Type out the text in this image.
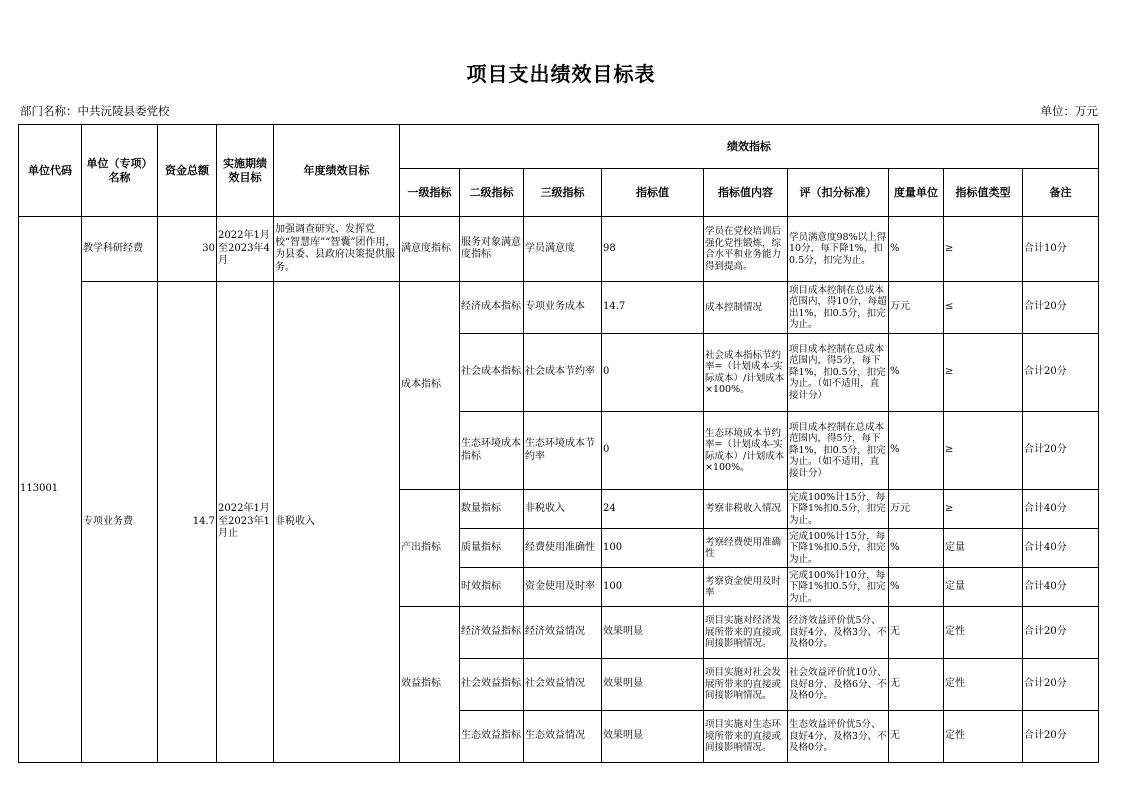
项目支出绩效目标表
部门名称：中共沅陵县委党校	单位：万元
单位代码	单位（专项）名称	资金总额	实施期绩效目标	年度绩效目标	绩效指标								
					一级指标	二级指标	三级指标	指标值	指标值内容	评（扣分标准）	度量单位	指标值类型	备注
113001	教学科研经费	30	2022年1月至2023年4月	加强调查研究、发挥党校“智慧库”“智囊”团作用，为县委、县政府决策提供服务。	满意度指标	服务对象满意度指标	学员满意度	98	学员在党校培训后强化党性锻炼，综合水平和业务能力得到提高。	学员满意度98%以上得10分，每下降1%，扣0.5分，扣完为止。	%	≥	合计10分
	专项业务费	14.7	2022年1月至2023年1月止	非税收入	成本指标	经济成本指标	专项业务成本	14.7	成本控制情况	项目成本控制在总成本范围内，得10分，每超出1%，扣0.5分，扣完为止。	万元	≤	合计20分
						社会成本指标	社会成本节约率	0	社会成本指标节约率=（计划成本-实际成本）/计划成本×100%。	项目成本控制在总成本范围内，得5分，每下降1%，扣0.5分，扣完为止。（如不适用，直接计分）	%	≥	合计20分
						生态环境成本指标	生态环境成本节约率	0	生态环境成本节约率=（计划成本-实际成本）/计划成本×100%。	项目成本控制在总成本范围内，得5分，每下降1%，扣0.5分，扣完为止。（如不适用，直接计分）	%	≥	合计20分
					产出指标	数量指标	非税收入	24	考察非税收入情况	完成100%计15分，每下降1%扣0.5分，扣完为止。	万元	≥	合计40分
						质量指标	经费使用准确性	100	考察经费使用准确性	完成100%计15分，每下降1%扣0.5分，扣完为止。	%	定量	合计40分
						时效指标	资金使用及时率	100	考察资金使用及时率	完成100%计10分，每下降1%扣0.5分，扣完为止。	%	定量	合计40分
					效益指标	经济效益指标	经济效益情况	效果明显	项目实施对经济发展所带来的直接或间接影响情况。	经济效益评价优5分、良好4分、及格3分、不及格0分。	无	定性	合计20分
						社会效益指标	社会效益情况	效果明显	项目实施对社会发展所带来的直接或间接影响情况。	社会效益评价优10分、良好8分、及格6分、不及格0分。	无	定性	合计20分
						生态效益指标	生态效益情况	效果明显	项目实施对生态环境所带来的直接或间接影响情况。	生态效益评价优5分、良好4分、及格3分、不及格0分。	无	定性	合计20分
